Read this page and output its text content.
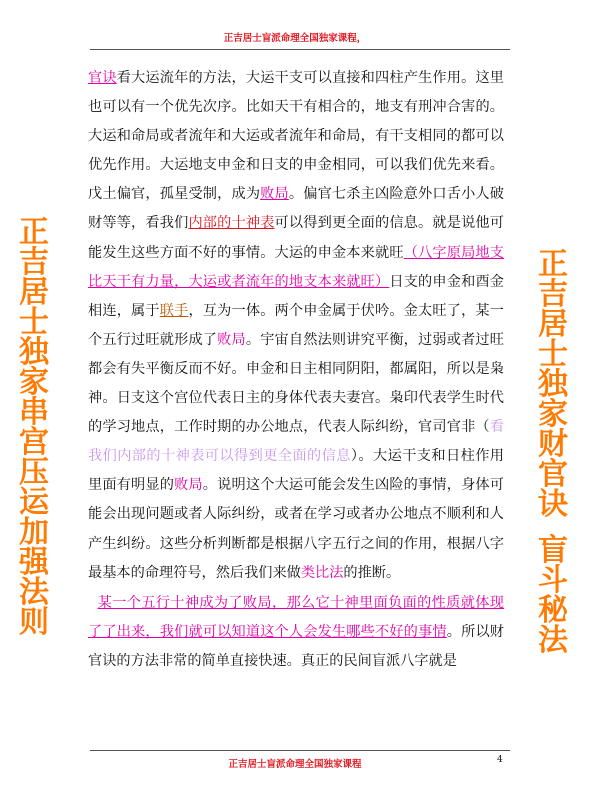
正吉居士盲派命理全国独家课程，
正
吉
居
士
独
家
串
宫
压
运
加
强
法
则
正
吉
居
士
独
家
财
官
诀

盲
斗
秘
法

官诀看大运流年的方法，大运干支可以直接和四柱产生作用。这里也可以有一个优先次序。比如天干有相合的，地支有刑冲合害的。大运和命局或者流年和大运或者流年和命局，有干支相同的都可以优先作用。大运地支申金和日支的申金相同，可以我们优先来看。戊土偏官，孤星受制，成为败局。偏官七杀主凶险意外口舌小人破财等等，看我们内部的十神表可以得到更全面的信息。就是说他可能发生这些方面不好的事情。大运的申金本来就旺（八字原局地支比天干有力量，大运或者流年的地支本来就旺）日支的申金和酉金相连，属于联手，互为一体。两个申金属于伏吟。金太旺了，某一个五行过旺就形成了败局。宇宙自然法则讲究平衡，过弱或者过旺都会有失平衡反而不好。申金和日主相同阴阳，都属阳，所以是枭神。日支这个宫位代表日主的身体代表夫妻宫。枭印代表学生时代的学习地点，工作时期的办公地点，代表人际纠纷，官司官非（看我们内部的十神表可以得到更全面的信息）。大运干支和日柱作用里面有明显的败局。说明这个大运可能会发生凶险的事情，身体可能会出现问题或者人际纠纷，或者在学习或者办公地点不顺利和人产生纠纷。这些分析判断都是根据八字五行之间的作用，根据八字最基本的命理符号，然后我们来做类比法的推断。

某一个五行十神成为了败局，那么它十神里面负面的性质就体现了了出来，我们就可以知道这个人会发生哪些不好的事情。所以财官诀的方法非常的简单直接快速。真正的民间盲派八字就是

正吉居士盲派命理全国独家课程	4
